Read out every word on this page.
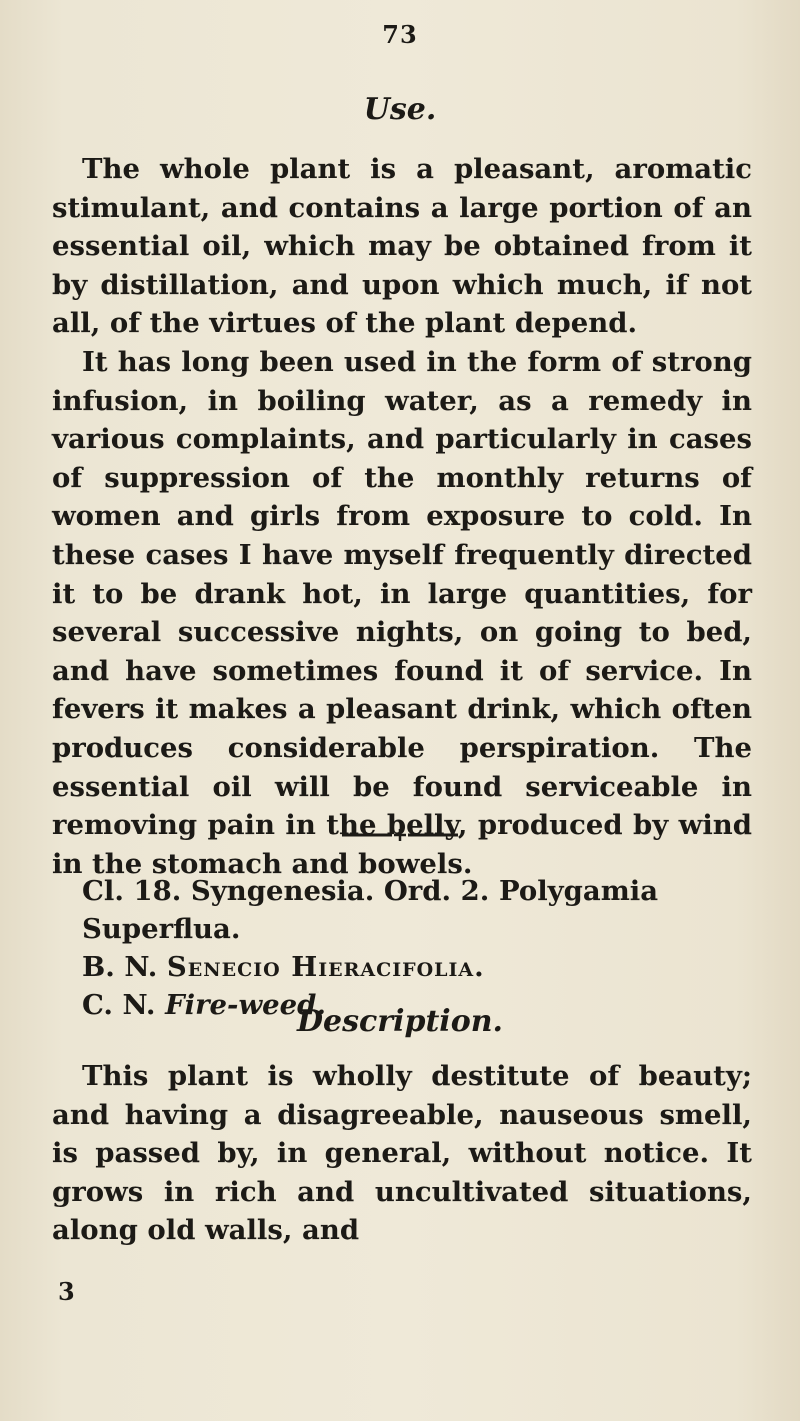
73
Use.

The whole plant is a pleasant, aromatic stimulant, and contains a large portion of an essential oil, which may be obtained from it by distillation, and upon which much, if not all, of the virtues of the plant depend.

It has long been used in the form of strong infusion, in boiling water, as a remedy in various complaints, and particularly in cases of suppression of the monthly returns of women and girls from exposure to cold. In these cases I have myself frequently directed it to be drank hot, in large quantities, for several successive nights, on going to bed, and have sometimes found it of service. In fevers it makes a pleasant drink, which often produces considerable perspiration. The essential oil will be found serviceable in removing pain in the belly, produced by wind in the stomach and bowels.

Cl. 18. Syngenesia. Ord. 2. Polygamia Superflua.

B. N. Senecio Hieracifolia.

C. N. Fire-weed.

Description.

This plant is wholly destitute of beauty; and having a disagreeable, nauseous smell, is passed by, in general, without notice. It grows in rich and uncultivated situations, along old walls, and

3
